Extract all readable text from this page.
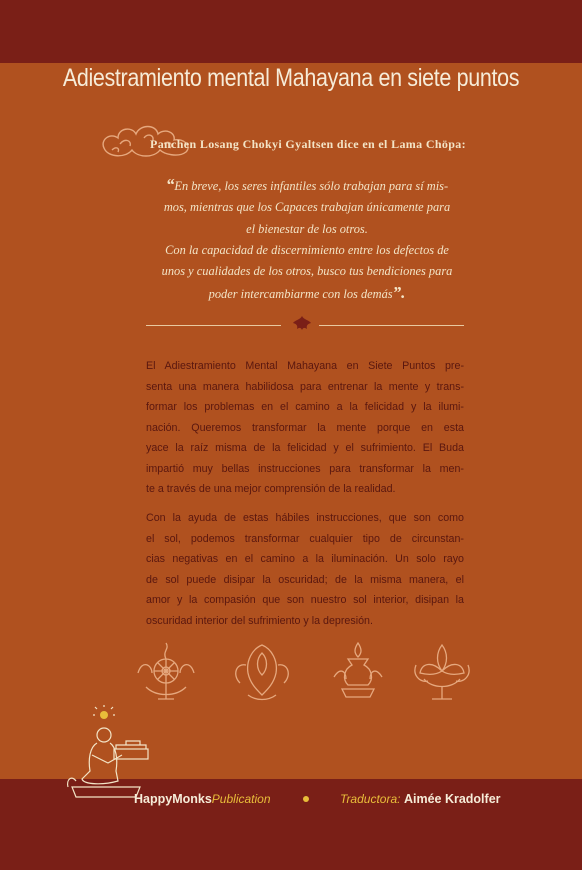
Adiestramiento mental Mahayana en siete puntos
Panchen Losang Chokyi Gyaltsen dice en el Lama Chöpa:
“En breve, los seres infantiles sólo trabajan para sí mis-
mos, mientras que los Capaces trabajan únicamente para
el bienestar de los otros.
Con la capacidad de discernimiento entre los defectos de
unos y cualidades de los otros, busco tus bendiciones para
poder intercambiarme con los demás”.
El Adiestramiento Mental Mahayana en Siete Puntos pre-
senta una manera habilidosa para entrenar la mente y trans-
formar los problemas en el camino a la felicidad y la ilumi-
nación. Queremos transformar la mente porque en esta
yace la raíz misma de la felicidad y el sufrimiento. El Buda
impartió muy bellas instrucciones para transformar la men-
te a través de una mejor comprensión de la realidad.
Con la ayuda de estas hábiles instrucciones, que son como
el sol, podemos transformar cualquier tipo de circunstan-
cias negativas en el camino a la iluminación. Un solo rayo
de sol puede disipar la oscuridad; de la misma manera, el
amor y la compasión que son nuestro sol interior, disipan la
oscuridad interior del sufrimiento y la depresión.
HappyMonksPublication	Traductora: Aimée Kradolfer
